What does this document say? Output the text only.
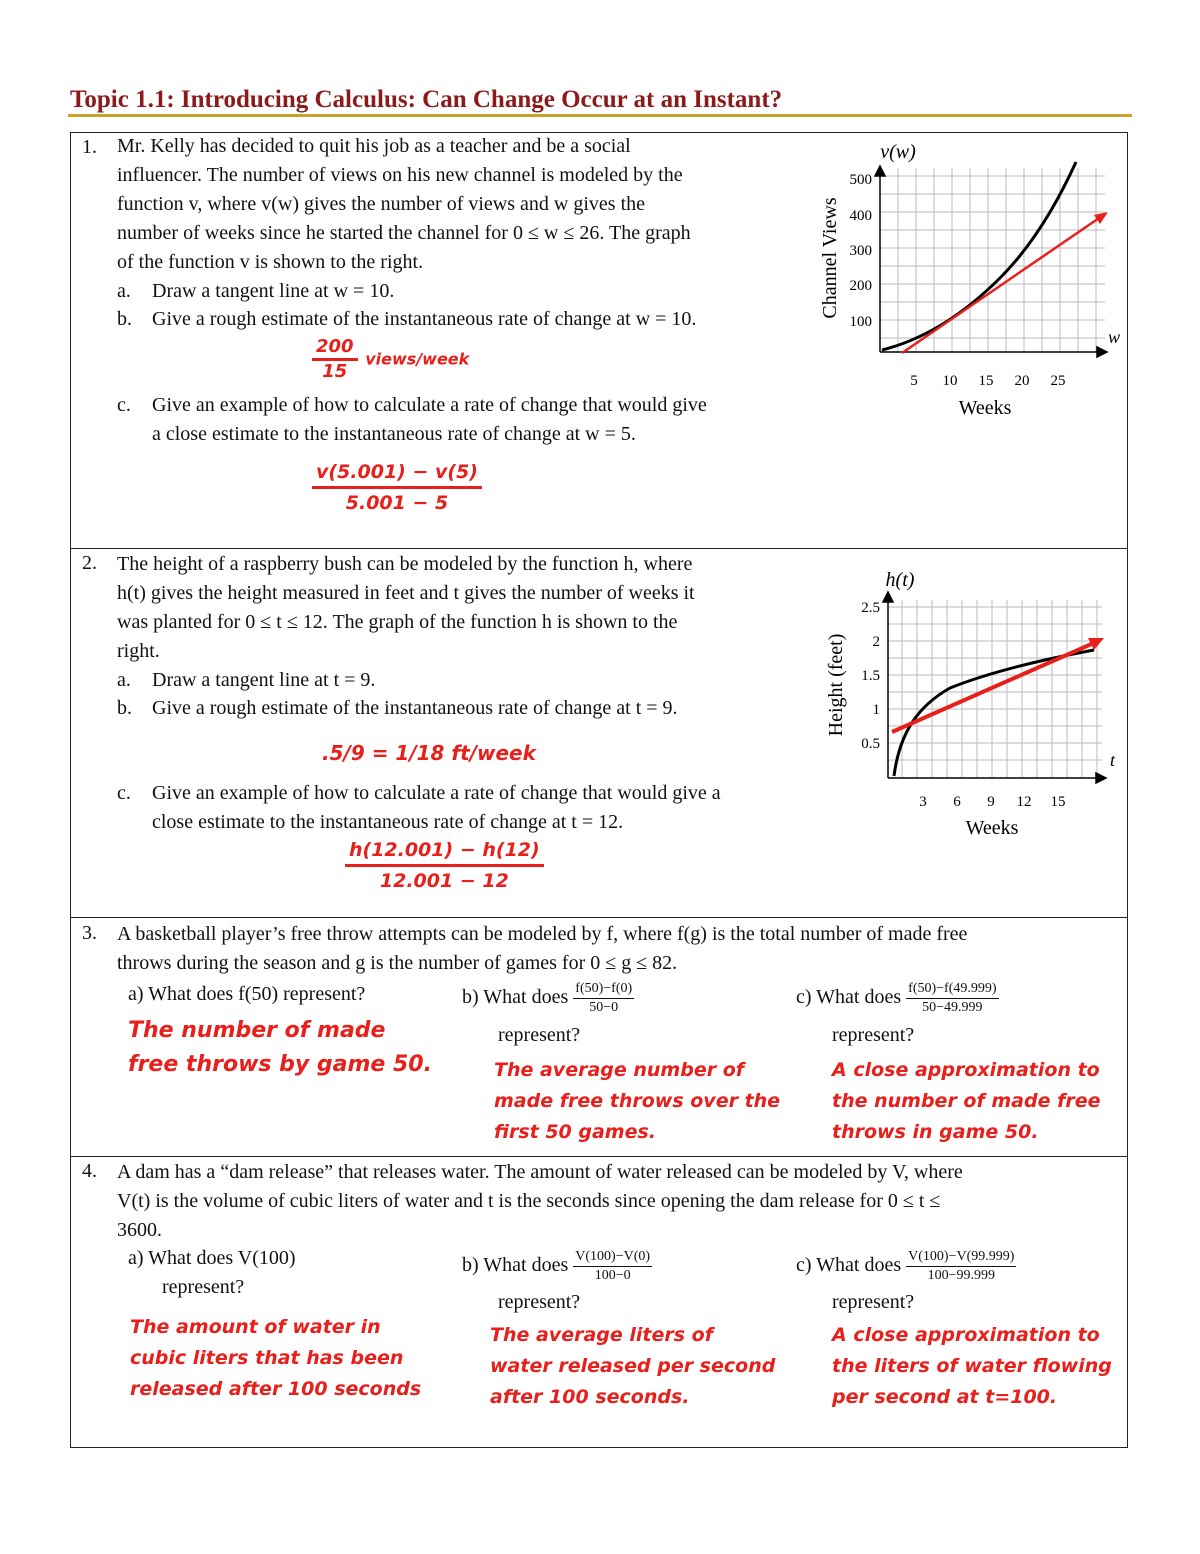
Topic 1.1: Introducing Calculus: Can Change Occur at an Instant?
1. Mr. Kelly has decided to quit his job as a teacher and be a social
influencer. The number of views on his new channel is modeled by the
function v, where v(w) gives the number of views and w gives the
number of weeks since he started the channel for 0 ≤ w ≤ 26. The graph
of the function v is shown to the right.
a. Draw a tangent line at w = 10.
b. Give a rough estimate of the instantaneous rate of change at w = 10.
$\frac{200}{15}$ views/week
c. Give an example of how to calculate a rate of change that would give
a close estimate to the instantaneous rate of change at w = 5.
$\frac{v(5.001) - v(5)}{5.001 - 5}$
v(w)
Channel Views
100
200
300
400
500
5 10 15 20 25
w
Weeks
2. The height of a raspberry bush can be modeled by the function h, where
h(t) gives the height measured in feet and t gives the number of weeks it
was planted for 0 ≤ t ≤ 12. The graph of the function h is shown to the
right.
a. Draw a tangent line at t = 9.
b. Give a rough estimate of the instantaneous rate of change at t = 9.
.5/9 = 1/18 ft/week
c. Give an example of how to calculate a rate of change that would give a
close estimate to the instantaneous rate of change at t = 12.
$\frac{h(12.001) - h(12)}{12.001 - 12}$
h(t)
Height (feet)
0.5
1
1.5
2
2.5
3 6 9 12 15
t
Weeks
3. A basketball player’s free throw attempts can be modeled by f, where f(g) is the total number of made free
throws during the season and g is the number of games for 0 ≤ g ≤ 82.
a) What does f(50) represent?
The number of made free throws by game 50.
b) What does $\frac{f(50)-f(0)}{50-0}$
represent?
The average number of made free throws over the first 50 games.
c) What does $\frac{f(50)-f(49.999)}{50-49.999}$
represent?
A close approximation to the number of made free throws in game 50.
4. A dam has a “dam release” that releases water. The amount of water released can be modeled by V, where
V(t) is the volume of cubic liters of water and t is the seconds since opening the dam release for 0 ≤ t ≤
3600.
a) What does V(100)
represent?
The amount of water in cubic liters that has been released after 100 seconds
b) What does $\frac{V(100)-V(0)}{100-0}$
represent?
The average liters of water released per second after 100 seconds.
c) What does $\frac{V(100)-V(99.999)}{100-99.999}$
represent?
A close approximation to the liters of water flowing per second at t=100.
